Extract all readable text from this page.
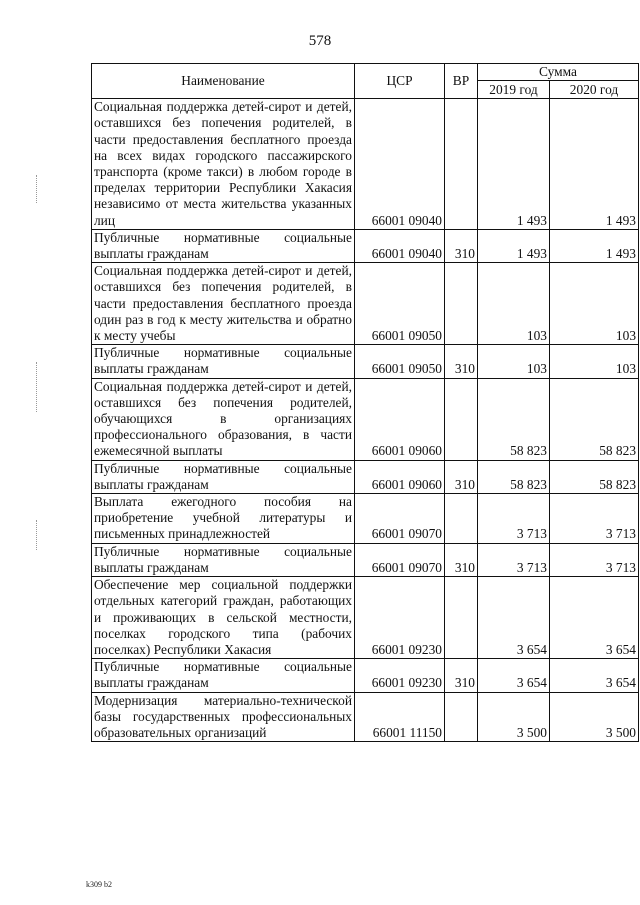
578
Наименование	ЦСР	ВР	Сумма	
			2019 год	2020 год
Социальная поддержка детей-сирот и детей, оставшихся без попечения родителей, в части предоставления бесплатного проезда на всех видах городского пассажирского транспорта (кроме такси) в любом городе в пределах территории Республики Хакасия независимо от места жительства указанных лиц	66001 09040		1 493	1 493
Публичные нормативные социальные выплаты гражданам	66001 09040	310	1 493	1 493
Социальная поддержка детей-сирот и детей, оставшихся без попечения родителей, в части предоставления бесплатного проезда один раз в год к месту жительства и обратно к месту учебы	66001 09050		103	103
Публичные нормативные социальные выплаты гражданам	66001 09050	310	103	103
Социальная поддержка детей-сирот и детей, оставшихся без попечения родителей, обучающихся в организациях профессионального образования, в части ежемесячной выплаты	66001 09060		58 823	58 823
Публичные нормативные социальные выплаты гражданам	66001 09060	310	58 823	58 823
Выплата ежегодного пособия на приобретение учебной литературы и письменных принадлежностей	66001 09070		3 713	3 713
Публичные нормативные социальные выплаты гражданам	66001 09070	310	3 713	3 713
Обеспечение мер социальной поддержки отдельных категорий граждан, работающих и проживающих в сельской местности, поселках городского типа (рабочих поселках) Республики Хакасия	66001 09230		3 654	3 654
Публичные нормативные социальные выплаты гражданам	66001 09230	310	3 654	3 654
Модернизация материально-технической базы государственных профессиональных образовательных организаций	66001 11150		3 500	3 500
k309 b2
